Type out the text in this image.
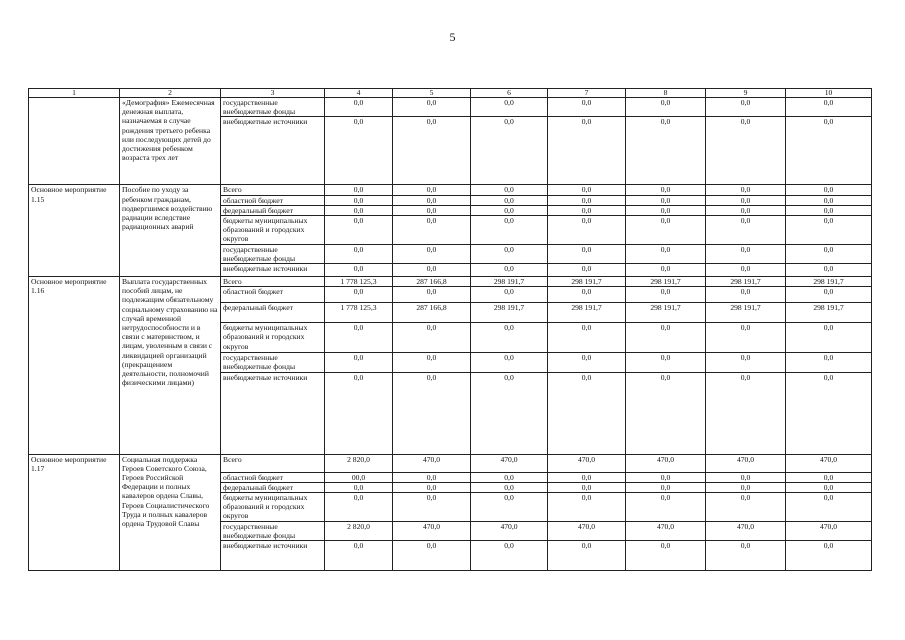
5
1	2	3	4	5	6	7	8	9	10
	«Демография» Ежемесячная денежная выплата, назначаемая в случае рождения третьего ребенка или последующих детей до достижения ребенком возраста трех лет	государственные внебюджетные фонды	0,0	0,0	0,0	0,0	0,0	0,0	0,0
		внебюджетные источники	0,0	0,0	0,0	0,0	0,0	0,0	0,0
Основное мероприятие 1.15	Пособие по уходу за ребенком гражданам, подвергшимся воздействию радиации вследствие радиационных аварий	Всего	0,0	0,0	0,0	0,0	0,0	0,0	0,0
		областной бюджет	0,0	0,0	0,0	0,0	0,0	0,0	0,0
		федеральный бюджет	0,0	0,0	0,0	0,0	0,0	0,0	0,0
		бюджеты муниципальных образований и городских округов	0,0	0,0	0,0	0,0	0,0	0,0	0,0
		государственные внебюджетные фонды	0,0	0,0	0,0	0,0	0,0	0,0	0,0
		внебюджетные источники	0,0	0,0	0,0	0,0	0,0	0,0	0,0
Основное мероприятие 1.16	Выплата государственных пособий лицам, не подлежащим обязательному социальному страхованию на случай временной нетрудоспособности и в связи с материнством, и лицам, уволенным в связи с ликвидацией организаций (прекращением деятельности, полномочий физическими лицами)	Всего	1 778 125,3	287 166,8	298 191,7	298 191,7	298 191,7	298 191,7	298 191,7
		областной бюджет	0,0	0,0	0,0	0,0	0,0	0,0	0,0
		федеральный бюджет	1 778 125,3	287 166,8	298 191,7	298 191,7	298 191,7	298 191,7	298 191,7
		бюджеты муниципальных образований и городских округов	0,0	0,0	0,0	0,0	0,0	0,0	0,0
		государственные внебюджетные фонды	0,0	0,0	0,0	0,0	0,0	0,0	0,0
		внебюджетные источники	0,0	0,0	0,0	0,0	0,0	0,0	0,0
Основное мероприятие 1.17	Социальная поддержка Героев Советского Союза, Героев Российской Федерации и полных кавалеров ордена Славы, Героев Социалистического Труда и полных кавалеров ордена Трудовой Славы	Всего	2 820,0	470,0	470,0	470,0	470,0	470,0	470,0
		областной бюджет	00,0	0,0	0,0	0,0	0,0	0,0	0,0
		федеральный бюджет	0,0	0,0	0,0	0,0	0,0	0,0	0,0
		бюджеты муниципальных образований и городских округов	0,0	0,0	0,0	0,0	0,0	0,0	0,0
		государственные внебюджетные фонды	2 820,0	470,0	470,0	470,0	470,0	470,0	470,0
		внебюджетные источники	0,0	0,0	0,0	0,0	0,0	0,0	0,0
